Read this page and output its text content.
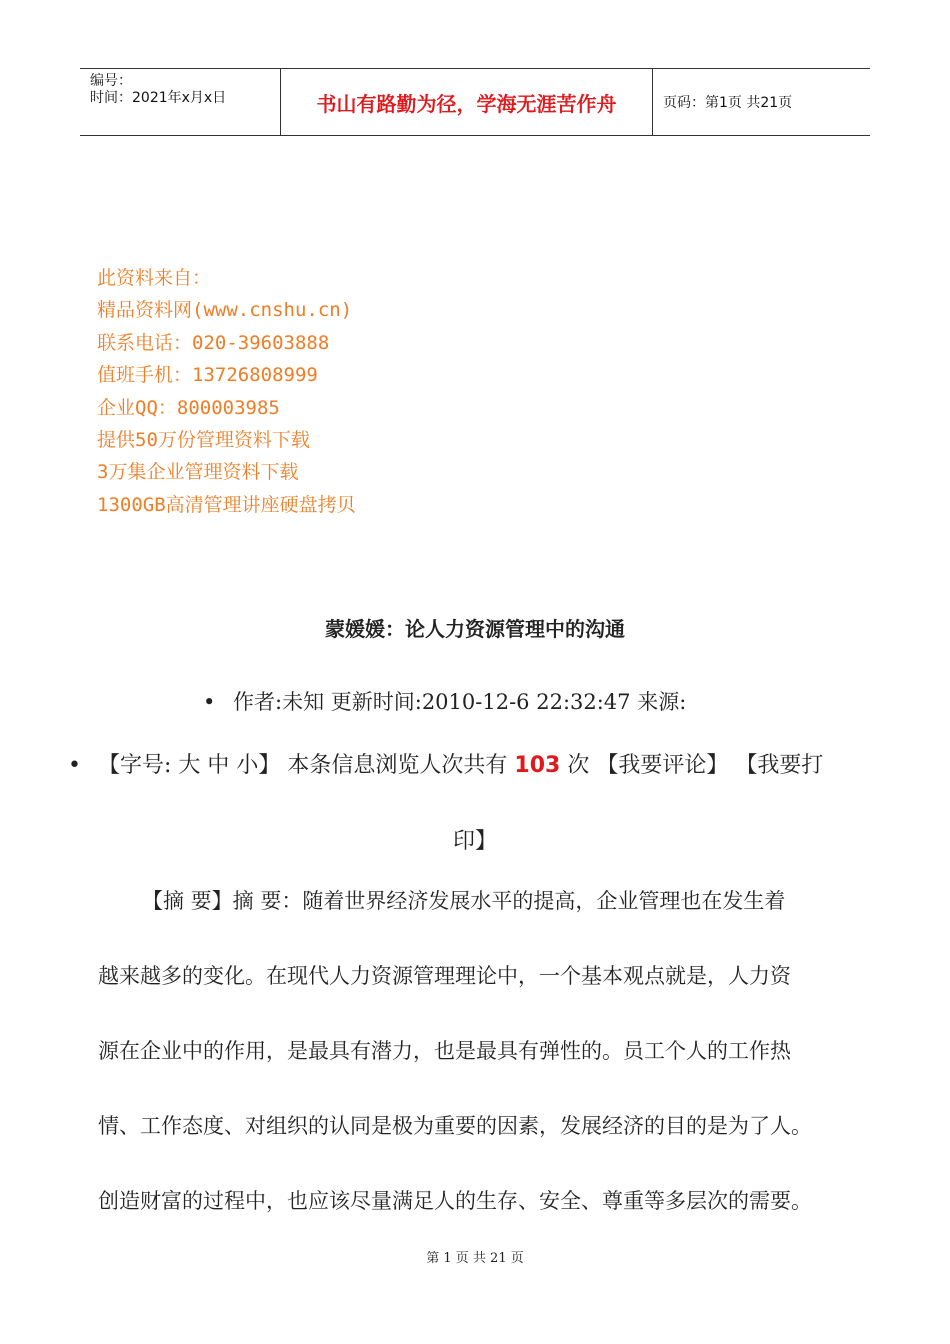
编号：
时间：2021年x月x日	书山有路勤为径，学海无涯苦作舟	页码：第1页 共21页
此资料来自：
精品资料网(www.cnshu.cn)
联系电话：020-39603888
值班手机：13726808999
企业QQ：800003985
提供50万份管理资料下载
3万集企业管理资料下载
1300GB高清管理讲座硬盘拷贝
蒙媛媛：论人力资源管理中的沟通
• 作者:未知 更新时间:2010-12-6 22:32:47 来源:
• 【字号: 大 中 小】 本条信息浏览人次共有 103 次 【我要评论】 【我要打
印】
【摘 要】摘 要：随着世界经济发展水平的提高，企业管理也在发生着
越来越多的变化。在现代人力资源管理理论中，一个基本观点就是，人力资
源在企业中的作用，是最具有潜力，也是最具有弹性的。员工个人的工作热
情、工作态度、对组织的认同是极为重要的因素，发展经济的目的是为了人。
创造财富的过程中，也应该尽量满足人的生存、安全、尊重等多层次的需要。
第 1 页 共 21 页
